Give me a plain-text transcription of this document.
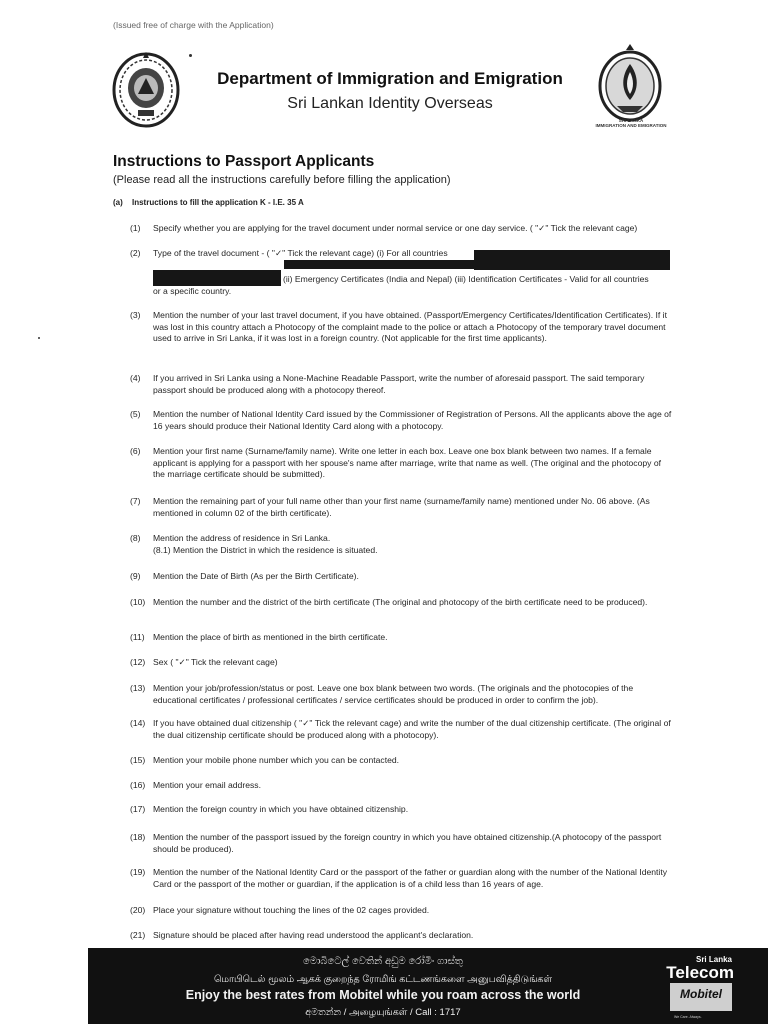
(Issued free of charge with the Application)
Department of Immigration and Emigration
Sri Lankan Identity Overseas
SRI LANKA
IMMIGRATION AND EMIGRATION
Instructions to Passport Applicants
(Please read all the instructions carefully before filling the application)
(a) Instructions to fill the application K - I.E. 35 A
(1) Specify whether you are applying for the travel document under normal service or one day service. ( "✓" Tick the relevant cage)
(2) Type of the travel document - ( "✓" Tick the relevant cage) (i) For all countries
(ii) Emergency Certificates (India and Nepal) (iii) Identification Certificates - Valid for all countries
or a specific country.
(3) Mention the number of your last travel document, if you have obtained. (Passport/Emergency Certificates/Identification Certificates). If it was lost in this country attach a Photocopy of the complaint made to the police or attach a Photocopy of the temporary travel document used to arrive in Sri Lanka, if it was lost in a foreign country. (Not applicable for the first time applicants).
(4) If you arrived in Sri Lanka using a None-Machine Readable Passport, write the number of aforesaid passport. The said temporary passport should be produced along with a photocopy thereof.
(5) Mention the number of National Identity Card issued by the Commissioner of Registration of Persons. All the applicants above the age of 16 years should produce their National Identity Card along with a photocopy.
(6) Mention your first name (Surname/family name). Write one letter in each box. Leave one box blank between two names. If a female applicant is applying for a passport with her spouse's name after marriage, write that name as well. (The original and the photocopy of the marriage certificate should be submitted).
(7) Mention the remaining part of your full name other than your first name (surname/family name) mentioned under No. 06 above. (As mentioned in column 02 of the birth certificate).
(8) Mention the address of residence in Sri Lanka.
(8.1) Mention the District in which the residence is situated.
(9) Mention the Date of Birth (As per the Birth Certificate).
(10) Mention the number and the district of the birth certificate (The original and photocopy of the birth certificate need to be produced).
(11) Mention the place of birth as mentioned in the birth certificate.
(12) Sex ( "✓" Tick the relevant cage)
(13) Mention your job/profession/status or post. Leave one box blank between two words. (The originals and the photocopies of the educational certificates / professional certificates / service certificates should be produced in order to confirm the job).
(14) If you have obtained dual citizenship ( "✓" Tick the relevant cage) and write the number of the dual citizenship certificate. (The original of the dual citizenship certificate should be produced along with a photocopy).
(15) Mention your mobile phone number which you can be contacted.
(16) Mention your email address.
(17) Mention the foreign country in which you have obtained citizenship.
(18) Mention the number of the passport issued by the foreign country in which you have obtained citizenship.(A photocopy of the passport should be produced).
(19) Mention the number of the National Identity Card or the passport of the father or guardian along with the number of the National Identity Card or the passport of the mother or guardian, if the application is of a child less than 16 years of age.
(20) Place your signature without touching the lines of the 02 cages provided.
(21) Signature should be placed after having read understood the applicant's declaration.
මොබිටෙල් වෙතින් අඩුම රෝමිං ගාස්තු
மொபிடெல் மூலம் ஆகக் குறைந்த ரோமிங் கட்டணங்களை அனுபவித்திடுங்கள்
Enjoy the best rates from Mobitel while you roam across the world
අමතන්න / அழையுங்கள் / Call : 1717
Sri Lanka
Telecom
Mobitel
We Care. Always.
